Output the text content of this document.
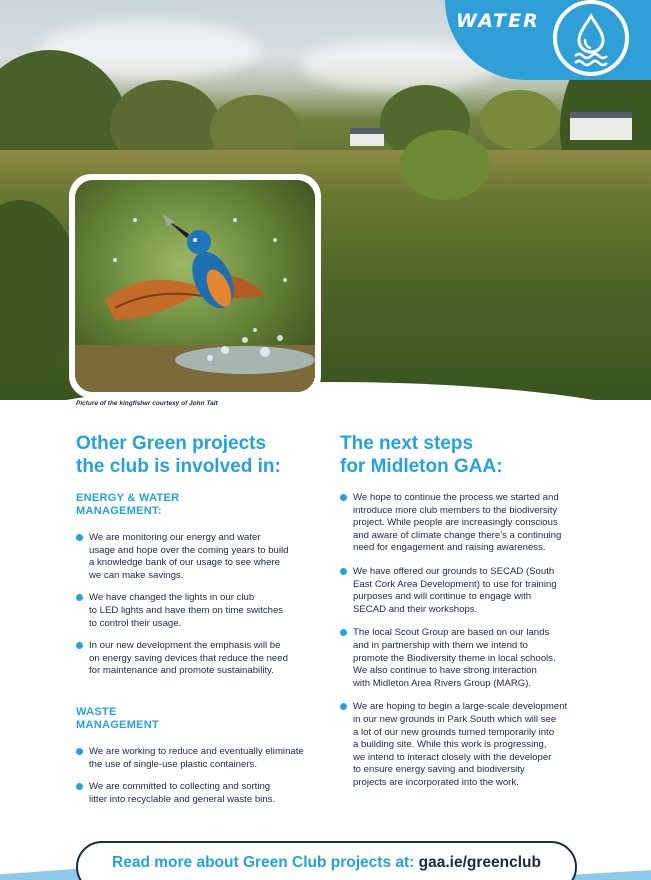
WATER
Picture of the kingfisher courtesy of John Tait
Other Green projects
the club is involved in:
ENERGY & WATER
MANAGEMENT:
We are monitoring our energy and water
usage and hope over the coming years to build
a knowledge bank of our usage to see where
we can make savings.
We have changed the lights in our club
to LED lights and have them on time switches
to control their usage.
In our new development the emphasis will be
on energy saving devices that reduce the need
for maintenance and promote sustainability.
WASTE
MANAGEMENT
We are working to reduce and eventually eliminate
the use of single-use plastic containers.
We are committed to collecting and sorting
litter into recyclable and general waste bins.
The next steps
for Midleton GAA:
We hope to continue the process we started and
introduce more club members to the biodiversity
project. While people are increasingly conscious
and aware of climate change there’s a continuing
need for engagement and raising awareness.
We have offered our grounds to SECAD (South
East Cork Area Development) to use for training
purposes and will continue to engage with
SECAD and their workshops.
The local Scout Group are based on our lands
and in partnership with them we intend to
promote the Biodiversity theme in local schools.
We also continue to have strong interaction
with Midleton Area Rivers Group (MARG).
We are hoping to begin a large-scale development
in our new grounds in Park South which will see
a lot of our new grounds turned temporarily into
a building site. While this work is progressing,
we intend to interact closely with the developer
to ensure energy saving and biodiversity
projects are incorporated into the work.
Read more about Green Club projects at: gaa.ie/greenclub
